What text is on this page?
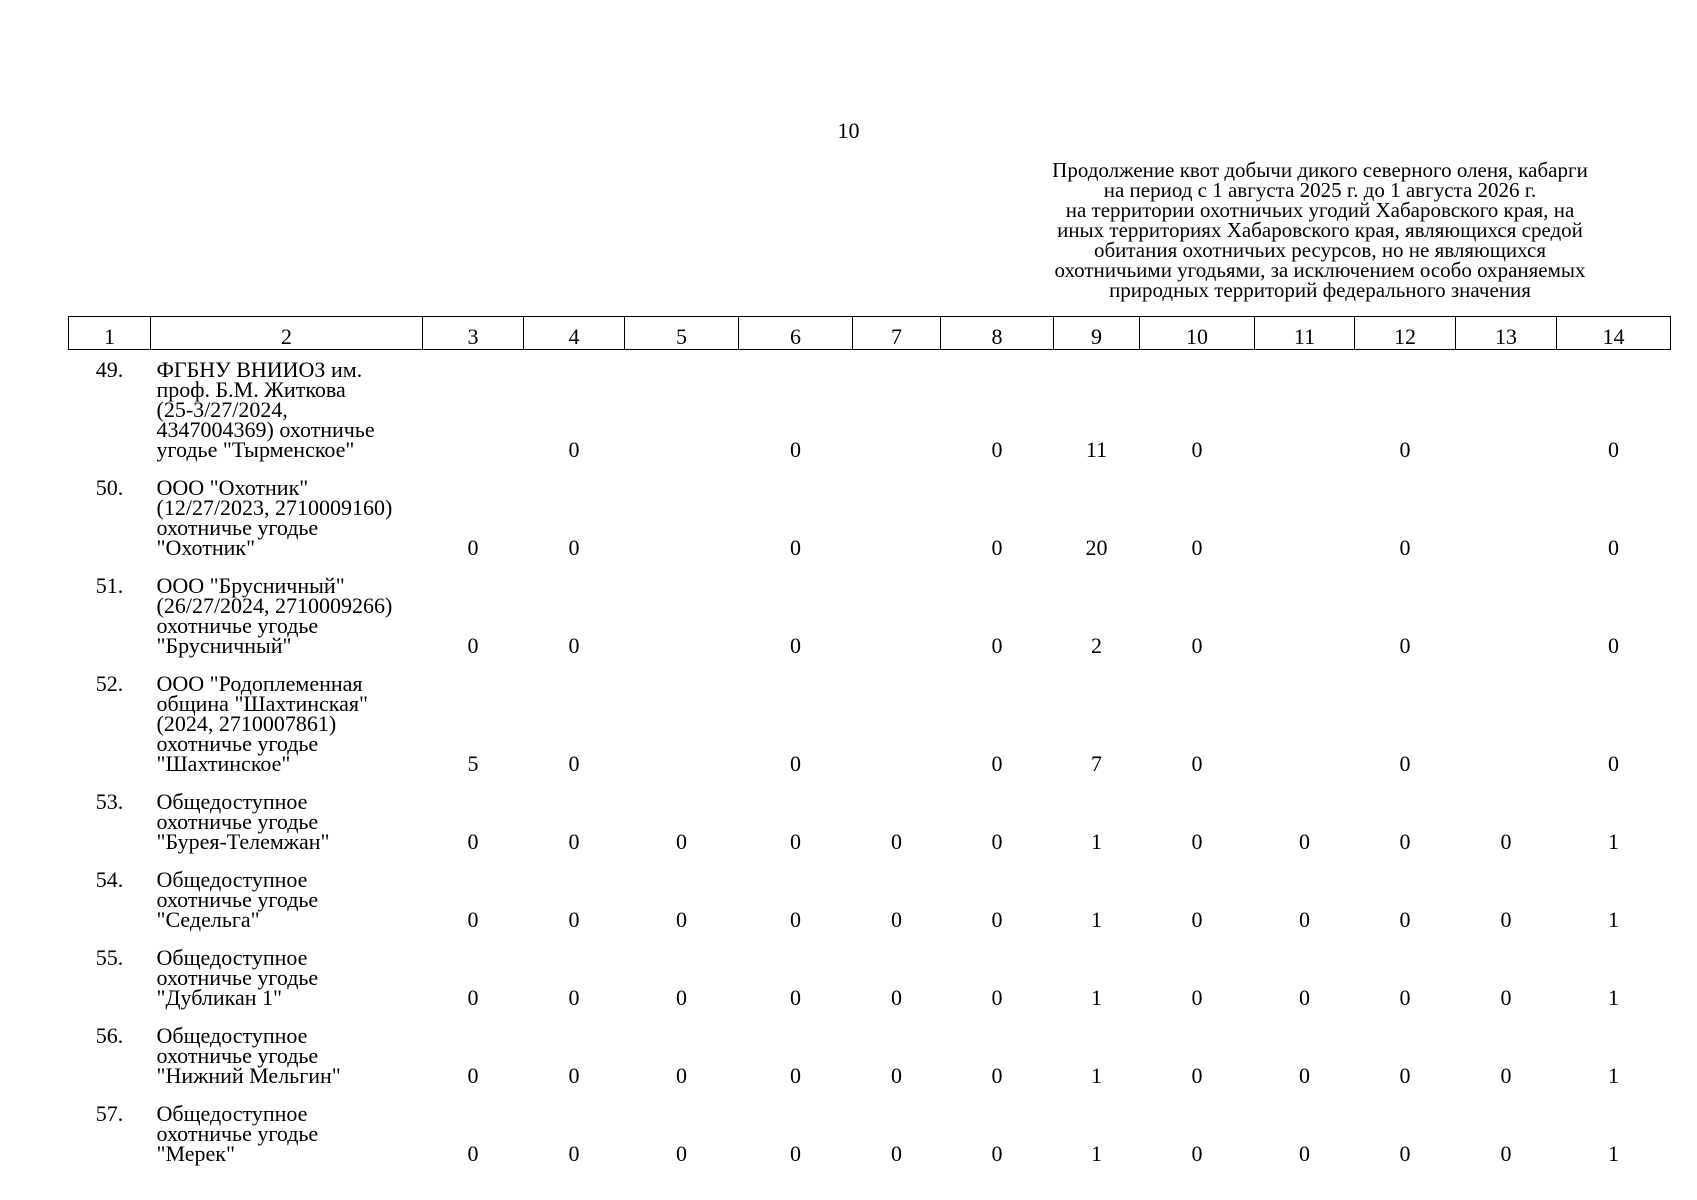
10
Продолжение квот добычи дикого северного оленя, кабарги
на период с 1 августа 2025 г. до 1 августа 2026 г.
на территории охотничьих угодий Хабаровского края, на
иных территориях Хабаровского края, являющихся средой
обитания охотничьих ресурсов, но не являющихся
охотничьими угодьями, за исключением особо охраняемых
природных территорий федерального значения
1	2	3	4	5	6	7	8	9	10	11	12	13	14
49.	ФГБНУ ВНИИОЗ им.
проф. Б.М. Житкова
(25-3/27/2024,
4347004369) охотничье
угодье "Тырменское"		0		0		0	11	0		0		0
50.	ООО "Охотник"
(12/27/2023, 2710009160)
охотничье угодье
"Охотник"	0	0		0		0	20	0		0		0
51.	ООО "Брусничный"
(26/27/2024, 2710009266)
охотничье угодье
"Брусничный"	0	0		0		0	2	0		0		0
52.	ООО "Родоплеменная
община "Шахтинская"
(2024, 2710007861)
охотничье угодье
"Шахтинское"	5	0		0		0	7	0		0		0
53.	Общедоступное
охотничье угодье
"Бурея-Телемжан"	0	0	0	0	0	0	1	0	0	0	0	1
54.	Общедоступное
охотничье угодье
"Седельга"	0	0	0	0	0	0	1	0	0	0	0	1
55.	Общедоступное
охотничье угодье
"Дубликан 1"	0	0	0	0	0	0	1	0	0	0	0	1
56.	Общедоступное
охотничье угодье
"Нижний Мельгин"	0	0	0	0	0	0	1	0	0	0	0	1
57.	Общедоступное
охотничье угодье
"Мерек"	0	0	0	0	0	0	1	0	0	0	0	1
